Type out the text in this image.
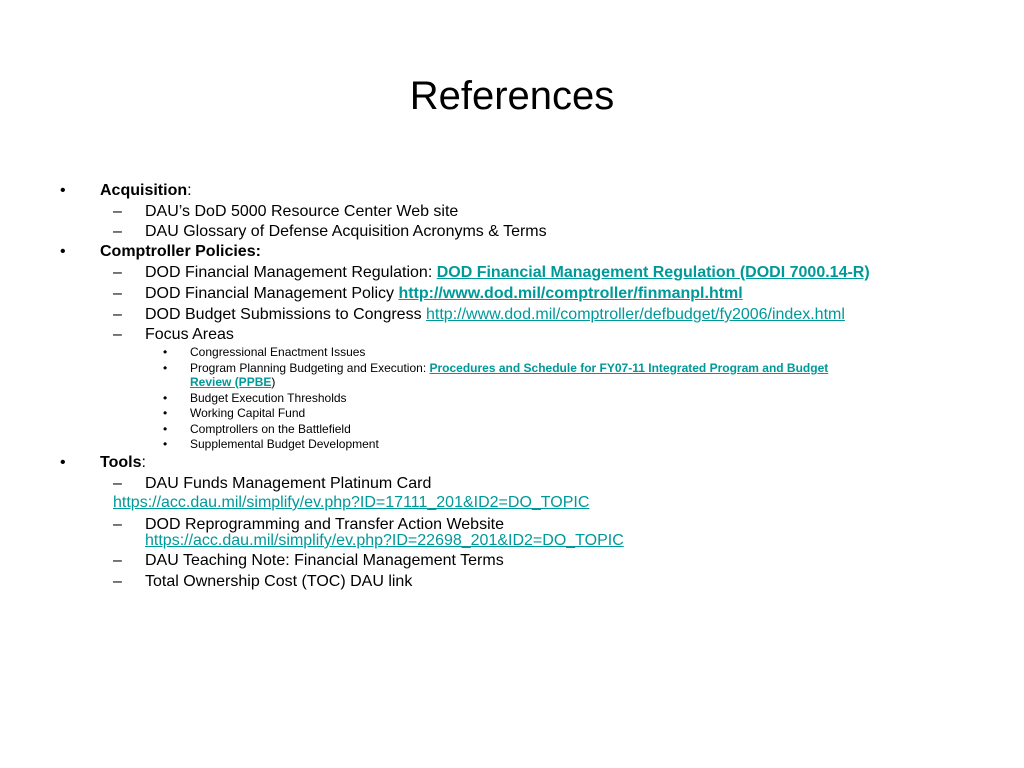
References
• Acquisition:
– DAU’s DoD 5000 Resource Center Web site
– DAU Glossary of Defense Acquisition Acronyms & Terms
• Comptroller Policies:
– DOD Financial Management Regulation: DOD Financial Management Regulation (DODI 7000.14-R)
– DOD Financial Management Policy http://www.dod.mil/comptroller/finmanpl.html
– DOD Budget Submissions to Congress http://www.dod.mil/comptroller/defbudget/fy2006/index.html
– Focus Areas
• Congressional Enactment Issues
• Program Planning Budgeting and Execution: Procedures and Schedule for FY07-11 Integrated Program and Budget
Review (PPBE)
• Budget Execution Thresholds
• Working Capital Fund
• Comptrollers on the Battlefield
• Supplemental Budget Development
• Tools:
– DAU Funds Management Platinum Card
https://acc.dau.mil/simplify/ev.php?ID=17111_201&ID2=DO_TOPIC
– DOD Reprogramming and Transfer Action Website
https://acc.dau.mil/simplify/ev.php?ID=22698_201&ID2=DO_TOPIC
– DAU Teaching Note: Financial Management Terms
– Total Ownership Cost (TOC) DAU link
